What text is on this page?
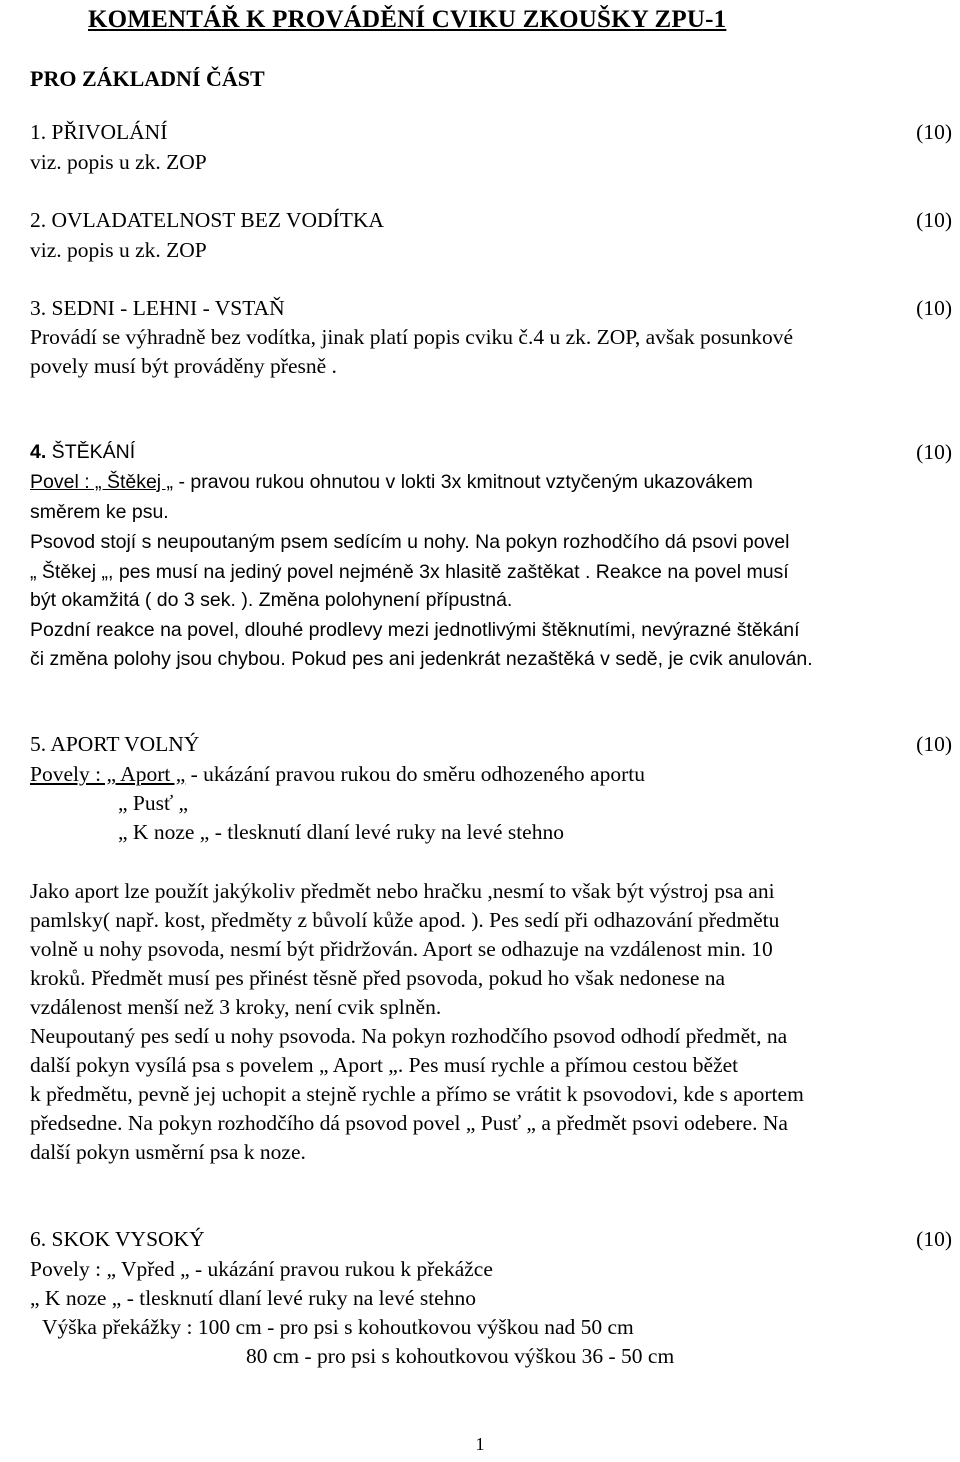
KOMENTÁŘ K PROVÁDĚNÍ CVIKU ZKOUŠKY ZPU-1
PRO ZÁKLADNÍ ČÁST
1. PŘIVOLÁNÍ	(10)
viz. popis u zk. ZOP
2. OVLADATELNOST BEZ VODÍTKA	(10)
viz. popis u zk. ZOP
3. SEDNI - LEHNI - VSTAŇ	(10)
Provádí se výhradně bez vodítka, jinak platí popis cviku č.4 u zk. ZOP, avšak posunkové
povely musí být prováděny přesně .
4. ŠTĚKÁNÍ	(10)
Povel : „ Štěkej „ - pravou rukou ohnutou v lokti 3x kmitnout vztyčeným ukazovákem
směrem ke psu.
Psovod stojí s neupoutaným psem sedícím u nohy. Na pokyn rozhodčího dá psovi povel
„ Štěkej „, pes musí na jediný povel nejméně 3x hlasitě zaštěkat . Reakce na povel musí
být okamžitá ( do 3 sek. ). Změna polohynení přípustná.
Pozdní reakce na povel, dlouhé prodlevy mezi jednotlivými štěknutími, nevýrazné štěkání
či změna polohy jsou chybou. Pokud pes ani jedenkrát nezaštěká v sedě, je cvik anulován.
5. APORT VOLNÝ	(10)
Povely : „ Aport „ - ukázání pravou rukou do směru odhozeného aportu
„ Pusť „
„ K noze „ - tlesknutí dlaní levé ruky na levé stehno
Jako aport lze použít jakýkoliv předmět nebo hračku ,nesmí to však být výstroj psa ani
pamlsky( např. kost, předměty z bůvolí kůže apod. ). Pes sedí při odhazování předmětu
volně u nohy psovoda, nesmí být přidržován. Aport se odhazuje na vzdálenost min. 10
kroků. Předmět musí pes přinést těsně před psovoda, pokud ho však nedonese na
vzdálenost menší než 3 kroky, není cvik splněn.
Neupoutaný pes sedí u nohy psovoda. Na pokyn rozhodčího psovod odhodí předmět, na
další pokyn vysílá psa s povelem „ Aport „. Pes musí rychle a přímou cestou běžet
k předmětu, pevně jej uchopit a stejně rychle a přímo se vrátit k psovodovi, kde s aportem
předsedne. Na pokyn rozhodčího dá psovod povel „ Pusť „ a předmět psovi odebere. Na
další pokyn usměrní psa k noze.
6. SKOK VYSOKÝ	(10)
Povely : „ Vpřed „ - ukázání pravou rukou k překážce
„ K noze „ - tlesknutí dlaní levé ruky na levé stehno
Výška překážky : 100 cm - pro psi s kohoutkovou výškou nad 50 cm
80 cm - pro psi s kohoutkovou výškou 36 - 50 cm
1
